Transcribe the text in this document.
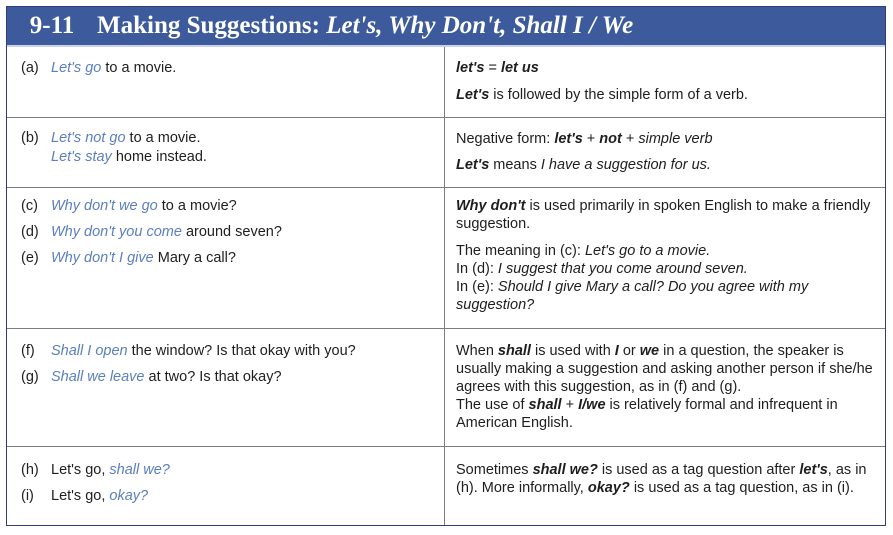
9-11 Making Suggestions: Let's, Why Don't, Shall I / We
(a) Let's go to a movie.	let's = let us
Let's is followed by the simple form of a verb.
(b) Let's not go to a movie.
Let's stay home instead.
Negative form: let's + not + simple verb
Let's means I have a suggestion for us.
(c) Why don't we go to a movie?
(d) Why don't you come around seven?
(e) Why don't I give Mary a call?
Why don't is used primarily in spoken English to make a friendly suggestion.
The meaning in (c): Let's go to a movie.
In (d): I suggest that you come around seven.
In (e): Should I give Mary a call? Do you agree with my suggestion?
(f) Shall I open the window? Is that okay with you?
(g) Shall we leave at two? Is that okay?
When shall is used with I or we in a question, the speaker is usually making a suggestion and asking another person if she/he agrees with this suggestion, as in (f) and (g).
The use of shall + I/we is relatively formal and infrequent in American English.
(h) Let's go, shall we?
(i) Let's go, okay?
Sometimes shall we? is used as a tag question after let's, as in (h). More informally, okay? is used as a tag question, as in (i).
